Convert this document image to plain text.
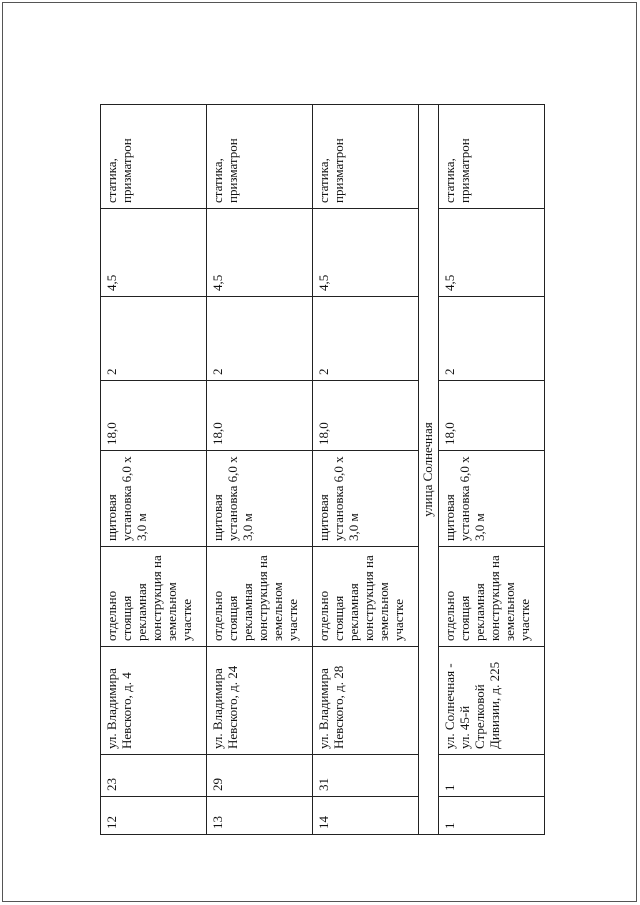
12	23	ул. Владимира Невского, д. 4	отдельно стоящая рекламная конструкция на земельном участке	щитовая установка 6,0 х 3,0 м	18,0	2	4,5	статика, призматрон
13	29	ул. Владимира Невского, д. 24	отдельно стоящая рекламная конструкция на земельном участке	щитовая установка 6,0 х 3,0 м	18,0	2	4,5	статика, призматрон
14	31	ул. Владимира Невского, д. 28	отдельно стоящая рекламная конструкция на земельном участке	щитовая установка 6,0 х 3,0 м	18,0	2	4,5	статика, призматрон
улица Солнечная								
1	1	ул. Солнечная - ул. 45-й Стрелковой Дивизии, д. 225	отдельно стоящая рекламная конструкция на земельном участке	щитовая установка 6,0 х 3,0 м	18,0	2	4,5	статика, призматрон
